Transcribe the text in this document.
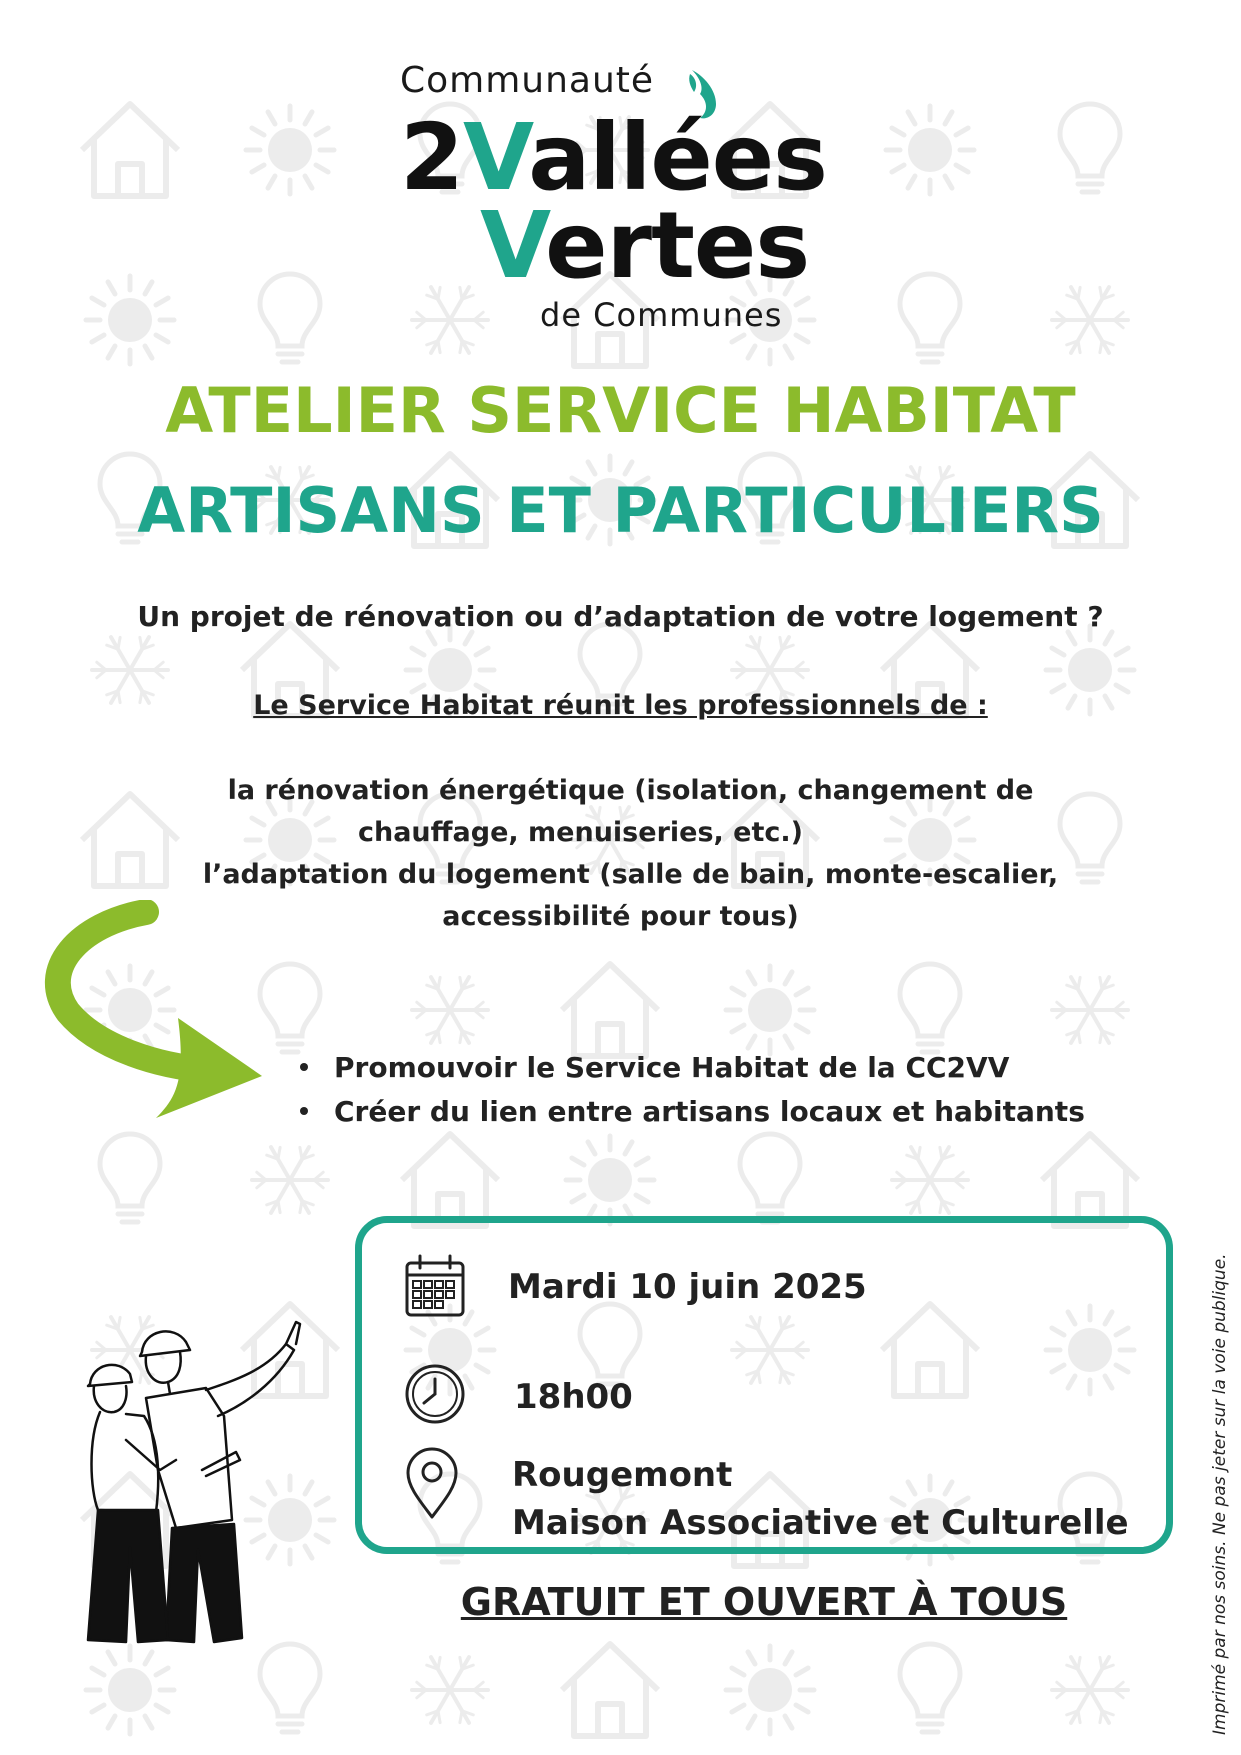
Communauté
2Vallées
Vertes
de Communes
ATELIER SERVICE HABITAT
ARTISANS ET PARTICULIERS
Un projet de rénovation ou d’adaptation de votre logement ?
Le Service Habitat réunit les professionnels de :

la rénovation énergétique (isolation, changement de

chauffage, menuiseries, etc.)

l’adaptation du logement (salle de bain, monte-escalier,

accessibilité pour tous)

Promouvoir le Service Habitat de la CC2VV
Créer du lien entre artisans locaux et habitants
Mardi 10 juin 2025
18h00
Rougemont
Maison Associative et Culturelle
GRATUIT ET OUVERT À TOUS	Imprimé par nos soins. Ne pas jeter sur la voie publique.
